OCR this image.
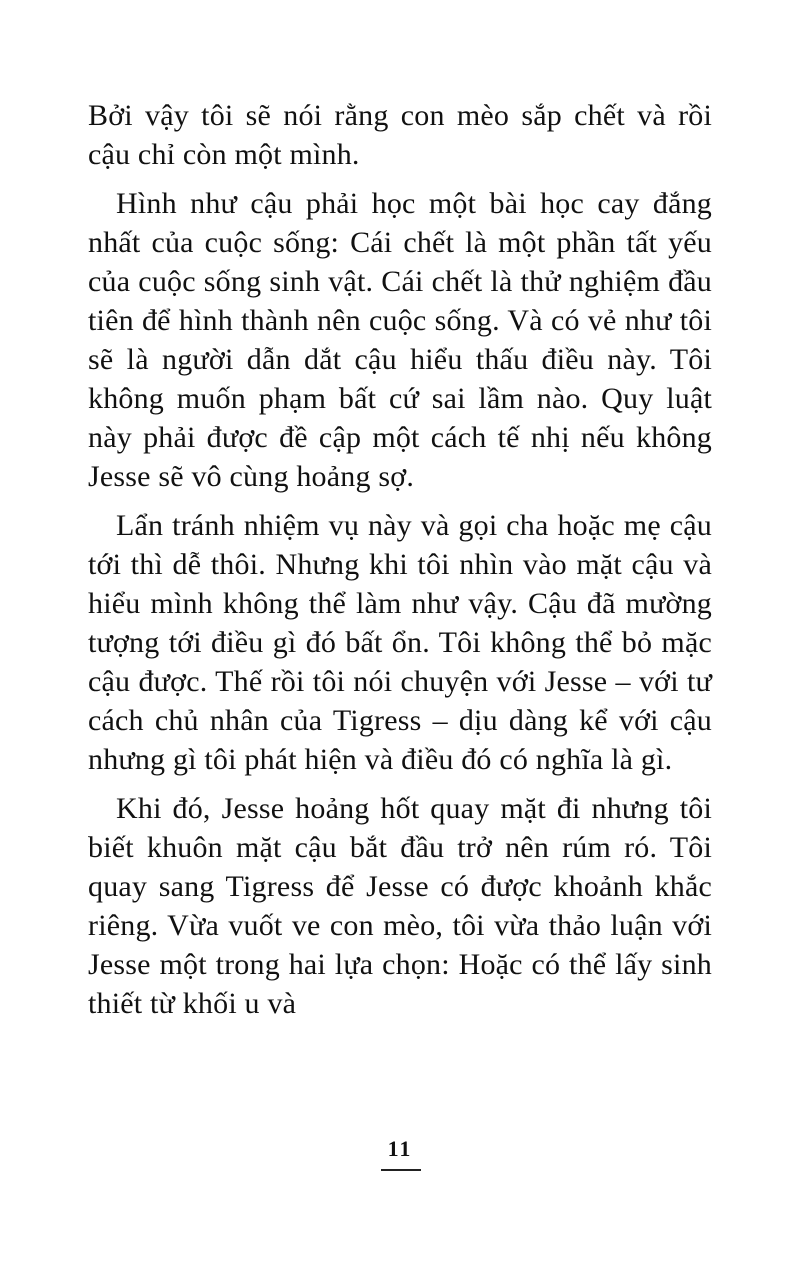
Bởi vậy tôi sẽ nói rằng con mèo sắp chết và rồi cậu chỉ còn một mình.

Hình như cậu phải học một bài học cay đắng nhất của cuộc sống: Cái chết là một phần tất yếu của cuộc sống sinh vật. Cái chết là thử nghiệm đầu tiên để hình thành nên cuộc sống. Và có vẻ như tôi sẽ là người dẫn dắt cậu hiểu thấu điều này. Tôi không muốn phạm bất cứ sai lầm nào. Quy luật này phải được đề cập một cách tế nhị nếu không Jesse sẽ vô cùng hoảng sợ.

Lẩn tránh nhiệm vụ này và gọi cha hoặc mẹ cậu tới thì dễ thôi. Nhưng khi tôi nhìn vào mặt cậu và hiểu mình không thể làm như vậy. Cậu đã mường tượng tới điều gì đó bất ổn. Tôi không thể bỏ mặc cậu được. Thế rồi tôi nói chuyện với Jesse – với tư cách chủ nhân của Tigress – dịu dàng kể với cậu nhưng gì tôi phát hiện và điều đó có nghĩa là gì.

Khi đó, Jesse hoảng hốt quay mặt đi nhưng tôi biết khuôn mặt cậu bắt đầu trở nên rúm ró. Tôi quay sang Tigress để Jesse có được khoảnh khắc riêng. Vừa vuốt ve con mèo, tôi vừa thảo luận với Jesse một trong hai lựa chọn: Hoặc có thể lấy sinh thiết từ khối u và

11
